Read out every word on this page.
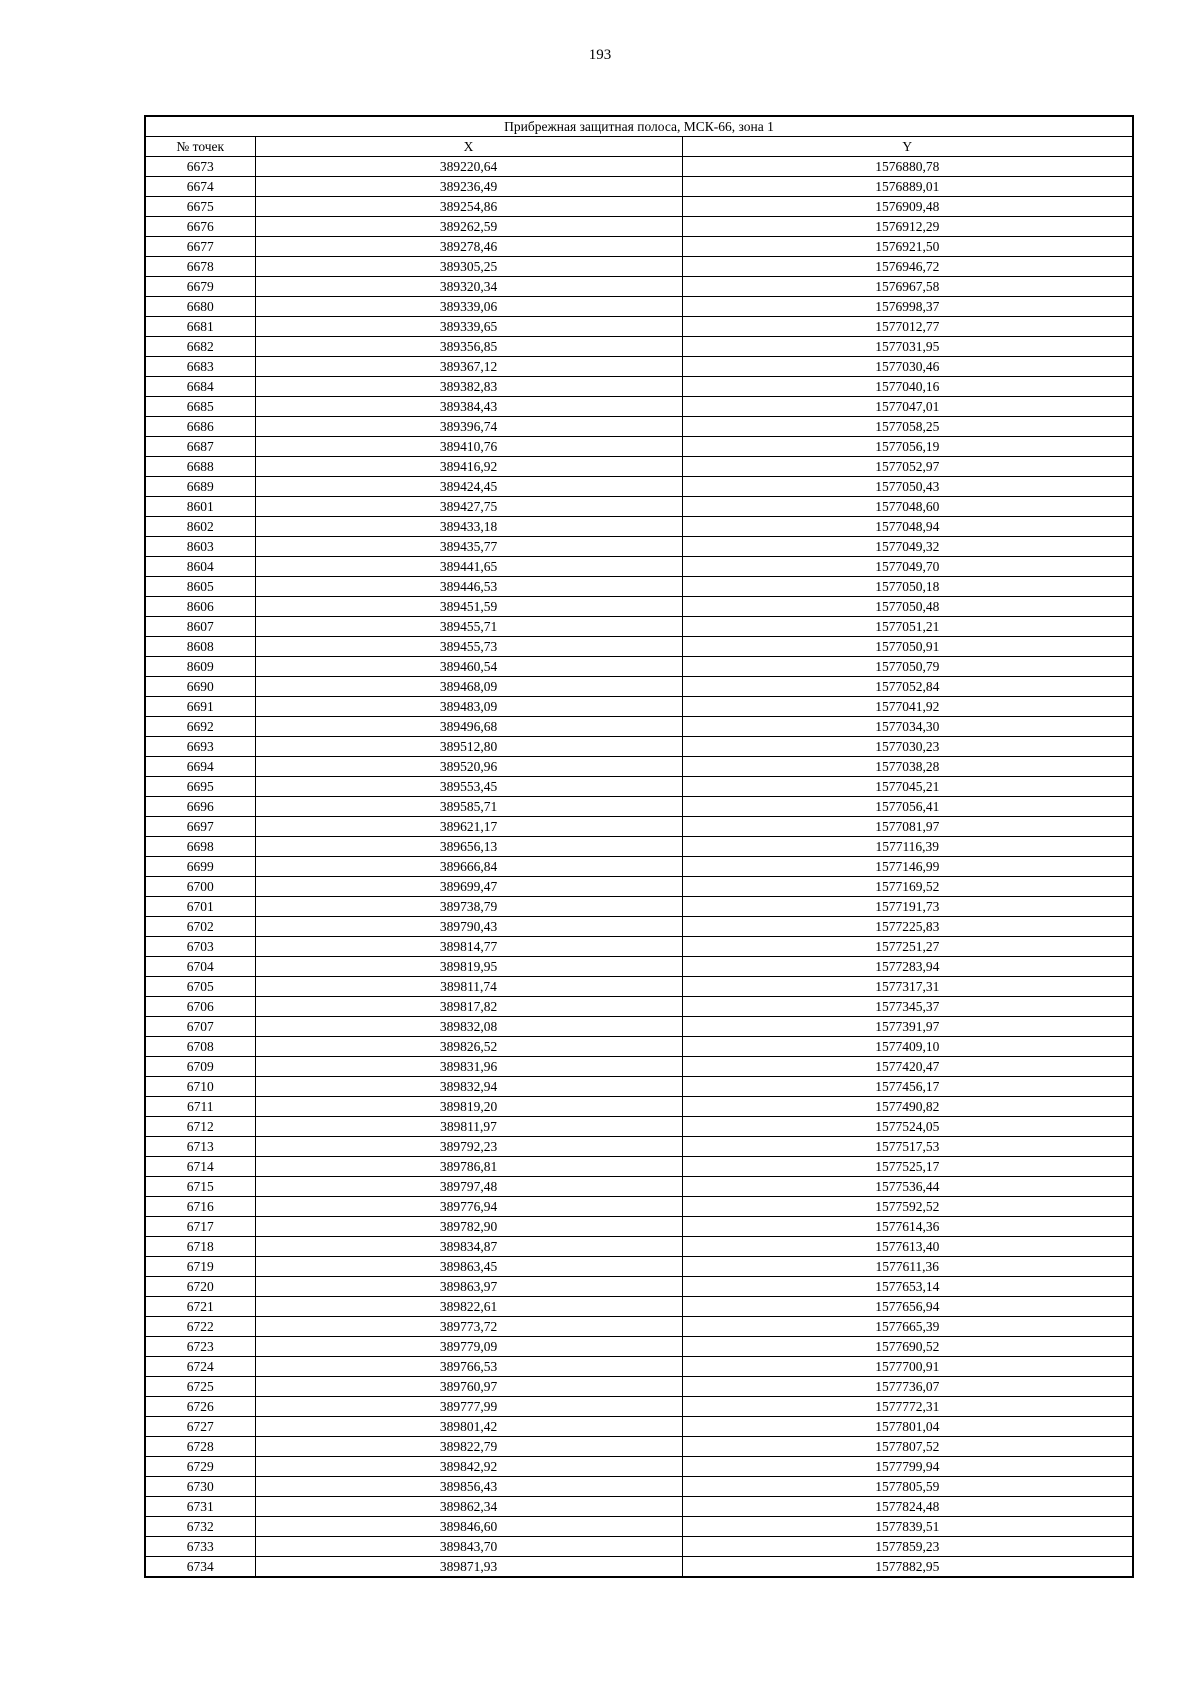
193
Прибрежная защитная полоса, МСК-66, зона 1		
№ точек	X	Y
6673	389220,64	1576880,78
6674	389236,49	1576889,01
6675	389254,86	1576909,48
6676	389262,59	1576912,29
6677	389278,46	1576921,50
6678	389305,25	1576946,72
6679	389320,34	1576967,58
6680	389339,06	1576998,37
6681	389339,65	1577012,77
6682	389356,85	1577031,95
6683	389367,12	1577030,46
6684	389382,83	1577040,16
6685	389384,43	1577047,01
6686	389396,74	1577058,25
6687	389410,76	1577056,19
6688	389416,92	1577052,97
6689	389424,45	1577050,43
8601	389427,75	1577048,60
8602	389433,18	1577048,94
8603	389435,77	1577049,32
8604	389441,65	1577049,70
8605	389446,53	1577050,18
8606	389451,59	1577050,48
8607	389455,71	1577051,21
8608	389455,73	1577050,91
8609	389460,54	1577050,79
6690	389468,09	1577052,84
6691	389483,09	1577041,92
6692	389496,68	1577034,30
6693	389512,80	1577030,23
6694	389520,96	1577038,28
6695	389553,45	1577045,21
6696	389585,71	1577056,41
6697	389621,17	1577081,97
6698	389656,13	1577116,39
6699	389666,84	1577146,99
6700	389699,47	1577169,52
6701	389738,79	1577191,73
6702	389790,43	1577225,83
6703	389814,77	1577251,27
6704	389819,95	1577283,94
6705	389811,74	1577317,31
6706	389817,82	1577345,37
6707	389832,08	1577391,97
6708	389826,52	1577409,10
6709	389831,96	1577420,47
6710	389832,94	1577456,17
6711	389819,20	1577490,82
6712	389811,97	1577524,05
6713	389792,23	1577517,53
6714	389786,81	1577525,17
6715	389797,48	1577536,44
6716	389776,94	1577592,52
6717	389782,90	1577614,36
6718	389834,87	1577613,40
6719	389863,45	1577611,36
6720	389863,97	1577653,14
6721	389822,61	1577656,94
6722	389773,72	1577665,39
6723	389779,09	1577690,52
6724	389766,53	1577700,91
6725	389760,97	1577736,07
6726	389777,99	1577772,31
6727	389801,42	1577801,04
6728	389822,79	1577807,52
6729	389842,92	1577799,94
6730	389856,43	1577805,59
6731	389862,34	1577824,48
6732	389846,60	1577839,51
6733	389843,70	1577859,23
6734	389871,93	1577882,95
